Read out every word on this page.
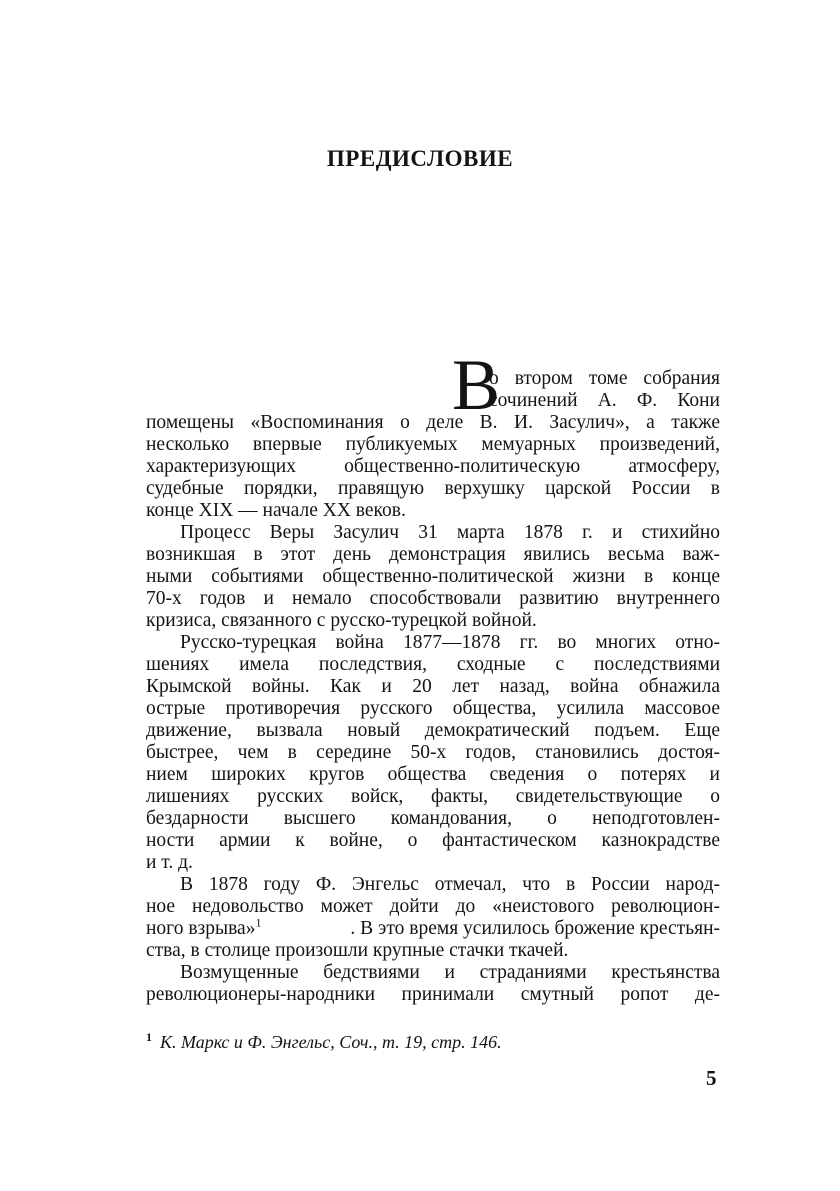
ПРЕДИСЛОВИЕ
В
о втором томе собрания
сочинений А. Ф. Кони
помещены «Воспоминания о деле В. И. Засулич», а также
несколько впервые публикуемых мемуарных произведений,
характеризующих общественно-политическую атмосферу,
судебные порядки, правящую верхушку царской России в
конце XIX — начале XX веков.
Процесс Веры Засулич 31 марта 1878 г. и стихийно
возникшая в этот день демонстрация явились весьма важ-
ными событиями общественно-политической жизни в конце
70-х годов и немало способствовали развитию внутреннего
кризиса, связанного с русско-турецкой войной.
Русско-турецкая война 1877—1878 гг. во многих отно-
шениях имела последствия, сходные с последствиями
Крымской войны. Как и 20 лет назад, война обнажила
острые противоречия русского общества, усилила массовое
движение, вызвала новый демократический подъем. Еще
быстрее, чем в середине 50-х годов, становились достоя-
нием широких кругов общества сведения о потерях и
лишениях русских войск, факты, свидетельствующие о
бездарности высшего командования, о неподготовлен-
ности армии к войне, о фантастическом казнокрадстве
и т. д.
В 1878 году Ф. Энгельс отмечал, что в России народ-
ное недовольство может дойти до «неистового революцион-
ного взрыва»$^1$	. В это время усилилось брожение крестьян-
ства, в столице произошли крупные стачки ткачей.
Возмущенные бедствиями и страданиями крестьянства
революционеры-народники принимали смутный ропот де-
$^1$ К. Маркс и Ф. Энгельс, Соч., т. 19, стр. 146.
5
